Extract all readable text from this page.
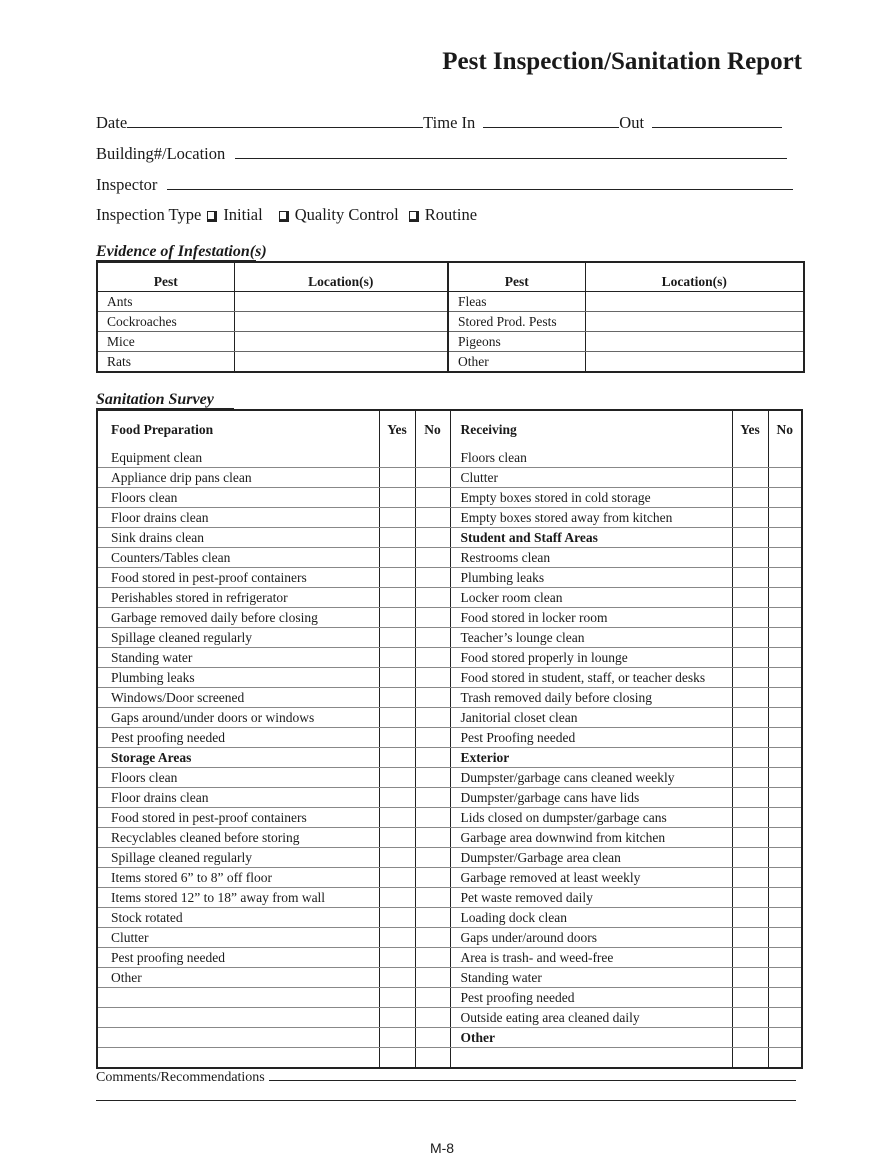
Pest Inspection/Sanitation Report
Date	Time In	Out
Building#/Location
Inspector
Inspection Type Initial Quality Control Routine
Evidence of Infestation(s)
Pest	Location(s)	Pest	Location(s)
Ants		Fleas	
Cockroaches		Stored Prod. Pests	
Mice		Pigeons	
Rats		Other	
Sanitation Survey
Food Preparation	Yes	No	Receiving	Yes	No
Equipment clean			Floors clean		
Appliance drip pans clean			Clutter		
Floors clean			Empty boxes stored in cold storage		
Floor drains clean			Empty boxes stored away from kitchen		
Sink drains clean			Student and Staff Areas		
Counters/Tables clean			Restrooms clean		
Food stored in pest-proof containers			Plumbing leaks		
Perishables stored in refrigerator			Locker room clean		
Garbage removed daily before closing			Food stored in locker room		
Spillage cleaned regularly			Teacher’s lounge clean		
Standing water			Food stored properly in lounge		
Plumbing leaks			Food stored in student, staff, or teacher desks		
Windows/Door screened			Trash removed daily before closing		
Gaps around/under doors or windows			Janitorial closet clean		
Pest proofing needed			Pest Proofing needed		
Storage Areas			Exterior		
Floors clean			Dumpster/garbage cans cleaned weekly		
Floor drains clean			Dumpster/garbage cans have lids		
Food stored in pest-proof containers			Lids closed on dumpster/garbage cans		
Recyclables cleaned before storing			Garbage area downwind from kitchen		
Spillage cleaned regularly			Dumpster/Garbage area clean		
Items stored 6” to 8” off floor			Garbage removed at least weekly		
Items stored 12” to 18” away from wall			Pet waste removed daily		
Stock rotated			Loading dock clean		
Clutter			Gaps under/around doors		
Pest proofing needed			Area is trash- and weed-free		
Other			Standing water		
			Pest proofing needed		
			Outside eating area cleaned daily		
			Other		

Comments/Recommendations
M-8
